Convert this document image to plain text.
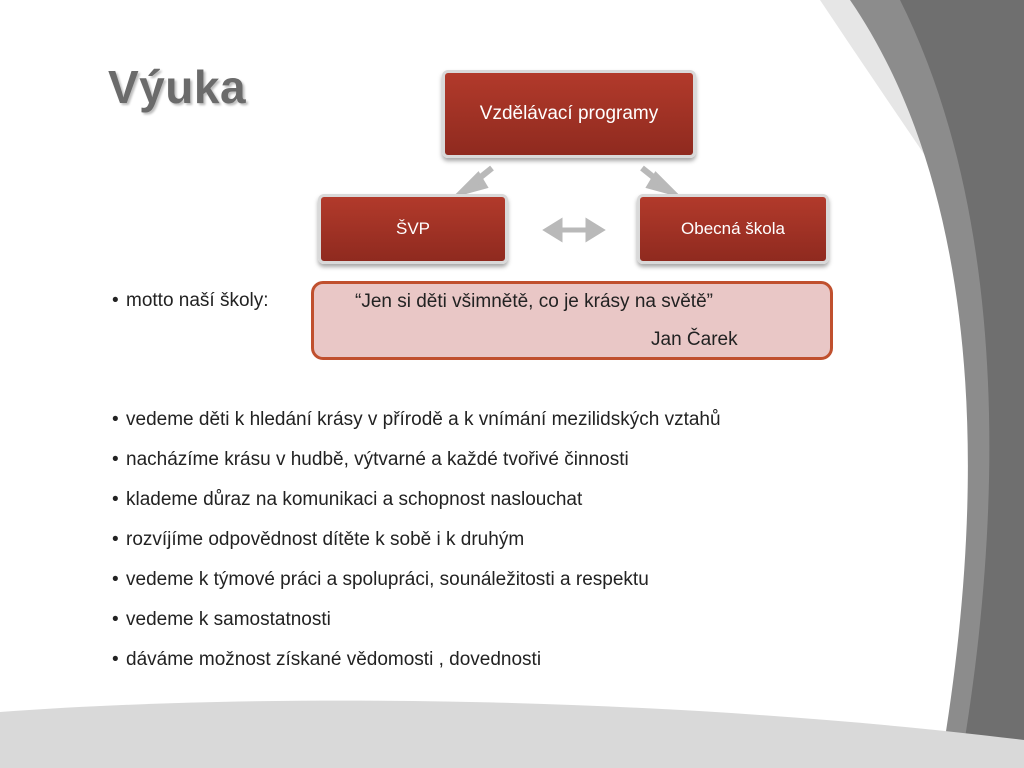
Výuka
Vzdělávací programy
ŠVP	Obecná škola
• motto naší školy:	“Jen si děti všimnětě, co je krásy na světě”
Jan Čarek
• vedeme děti k hledání krásy v přírodě a k vnímání mezilidských vztahů
• nacházíme krásu v hudbě, výtvarné a každé tvořivé činnosti
• klademe důraz na komunikaci a schopnost naslouchat
• rozvíjíme odpovědnost dítěte k sobě i k druhým
• vedeme k týmové práci a spolupráci, sounáležitosti a respektu
• vedeme k samostatnosti
• dáváme možnost získané vědomosti , dovednosti
